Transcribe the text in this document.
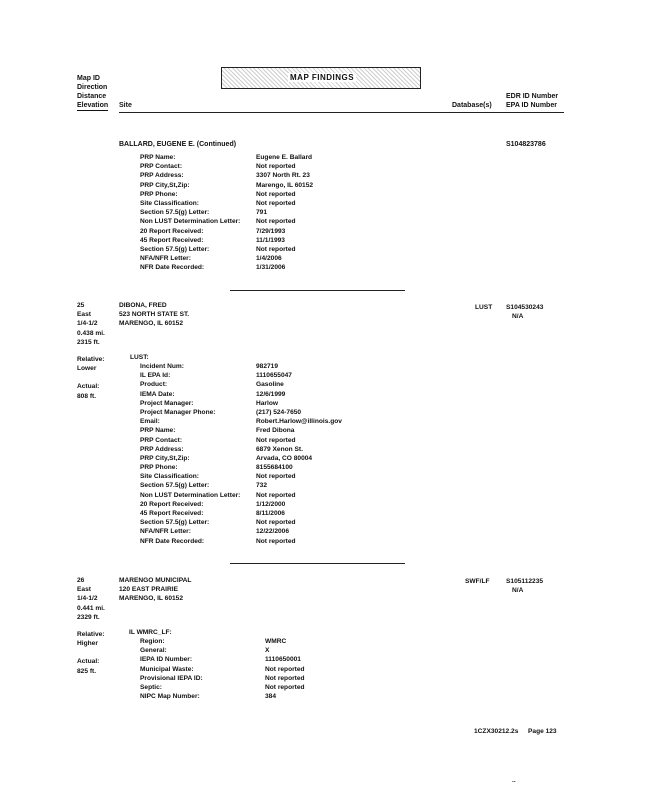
Map ID
Direction
Distance
Elevation
MAP FINDINGS
Site	Database(s)
EDR ID Number
EPA ID Number
BALLARD, EUGENE E. (Continued)	S104823786
PRP Name:
PRP Contact:
PRP Address:
PRP City,St,Zip:
PRP Phone:
Site Classification:
Section 57.5(g) Letter:
Non LUST Determination Letter:
20 Report Received:
45 Report Received:
Section 57.5(g) Letter:
NFA/NFR Letter:
NFR Date Recorded:
Eugene E. Ballard
Not reported
3307 North Rt. 23
Marengo, IL 60152
Not reported
Not reported
791
Not reported
7/29/1993
11/1/1993
Not reported
1/4/2006
1/31/2006
25
East
1/4-1/2
0.438 mi.
2315 ft.
DIBONA, FRED
523 NORTH STATE ST.
MARENGO, IL 60152
LUST S104530243
N/A
Relative:
Lower
Actual:
808 ft.
LUST:
Incident Num:
IL EPA Id:
Product:
IEMA Date:
Project Manager:
Project Manager Phone:
Email:
PRP Name:
PRP Contact:
PRP Address:
PRP City,St,Zip:
PRP Phone:
Site Classification:
Section 57.5(g) Letter:
Non LUST Determination Letter:
20 Report Received:
45 Report Received:
Section 57.5(g) Letter:
NFA/NFR Letter:
NFR Date Recorded:
982719
1110655047
Gasoline
12/6/1999
Harlow
(217) 524-7650
Robert.Harlow@illinois.gov
Fred Dibona
Not reported
6879 Xenon St.
Arvada, CO 80004
8155684100
Not reported
732
Not reported
1/12/2000
8/11/2006
Not reported
12/22/2006
Not reported
26
East
1/4-1/2
0.441 mi.
2329 ft.
MARENGO MUNICIPAL
120 EAST PRAIRIE
MARENGO, IL 60152
SWF/LF S105112235
N/A
Relative:
Higher
Actual:
825 ft.
IL WMRC_LF:
Region:
General:
IEPA ID Number:
Municipal Waste:
Provisional IEPA ID:
Septic:
NIPC Map Number:
WMRC
X
1110650001
Not reported
Not reported
Not reported
384
1CZX30212.2s Page 123
..
